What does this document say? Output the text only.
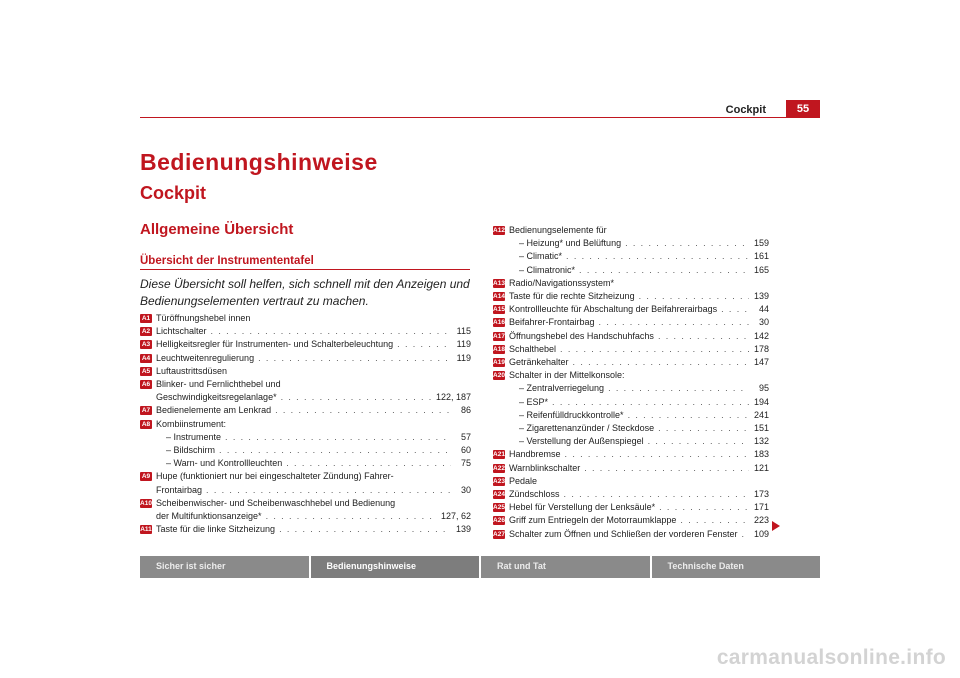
Cockpit	55
Bedienungshinweise
Cockpit
Allgemeine Übersicht
Übersicht der Instrumententafel
Diese Übersicht soll helfen, sich schnell mit den Anzeigen und Bedienungselementen vertraut zu machen.
A1 Türöffnungshebel innen
A2 Lichtschalter . . .	115
A3 Helligkeitsregler für Instrumenten- und Schalterbeleuchtung . . .	119
A4 Leuchtweitenregulierung . . .	119
A5 Luftaustrittsdüsen
A6 Blinker- und Fernlichthebel und
Geschwindigkeitsregelanlage* . . .	122, 187
A7 Bedienelemente am Lenkrad . . .	86
A8 Kombiinstrument:
– Instrumente . . .	57
– Bildschirm . . .	60
– Warn- und Kontrollleuchten . . .	75
A9 Hupe (funktioniert nur bei eingeschalteter Zündung) Fahrer-
Frontairbag . . .	30
A10 Scheibenwischer- und Scheibenwaschhebel und Bedienung
der Multifunktionsanzeige* . . .	127, 62
A11 Taste für die linke Sitzheizung . . .	139
A12 Bedienungselemente für
– Heizung* und Belüftung . . .	159
– Climatic* . . .	161
– Climatronic* . . .	165
A13 Radio/Navigationssystem*
A14 Taste für die rechte Sitzheizung . . .	139
A15 Kontrollleuchte für Abschaltung der Beifahrerairbags . . .	44
A16 Beifahrer-Frontairbag . . .	30
A17 Öffnungshebel des Handschuhfachs . . .	142
A18 Schalthebel . . .	178
A19 Getränkehalter . . .	147
A20 Schalter in der Mittelkonsole:
– Zentralverriegelung . . .	95
– ESP* . . .	194
– Reifenfülldruckkontrolle* . . .	241
– Zigarettenanzünder / Steckdose . . .	151
– Verstellung der Außenspiegel . . .	132
A21 Handbremse . . .	183
A22 Warnblinkschalter . . .	121
A23 Pedale
A24 Zündschloss . . .	173
A25 Hebel für Verstellung der Lenksäule* . . .	171
A26 Griff zum Entriegeln der Motorraumklappe . . .	223
A27 Schalter zum Öffnen und Schließen der vorderen Fenster . . . 109
Sicher ist sicher	Bedienungshinweise	Rat und Tat	Technische Daten
carmanualsonline.info
